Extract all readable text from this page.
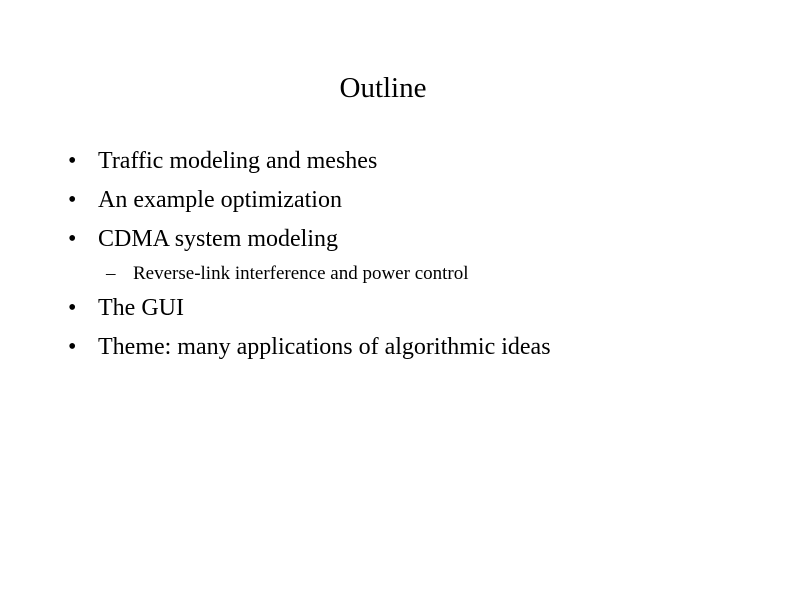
Outline
• Traffic modeling and meshes
• An example optimization
• CDMA system modeling
– Reverse-link interference and power control
• The GUI
• Theme: many applications of algorithmic ideas
